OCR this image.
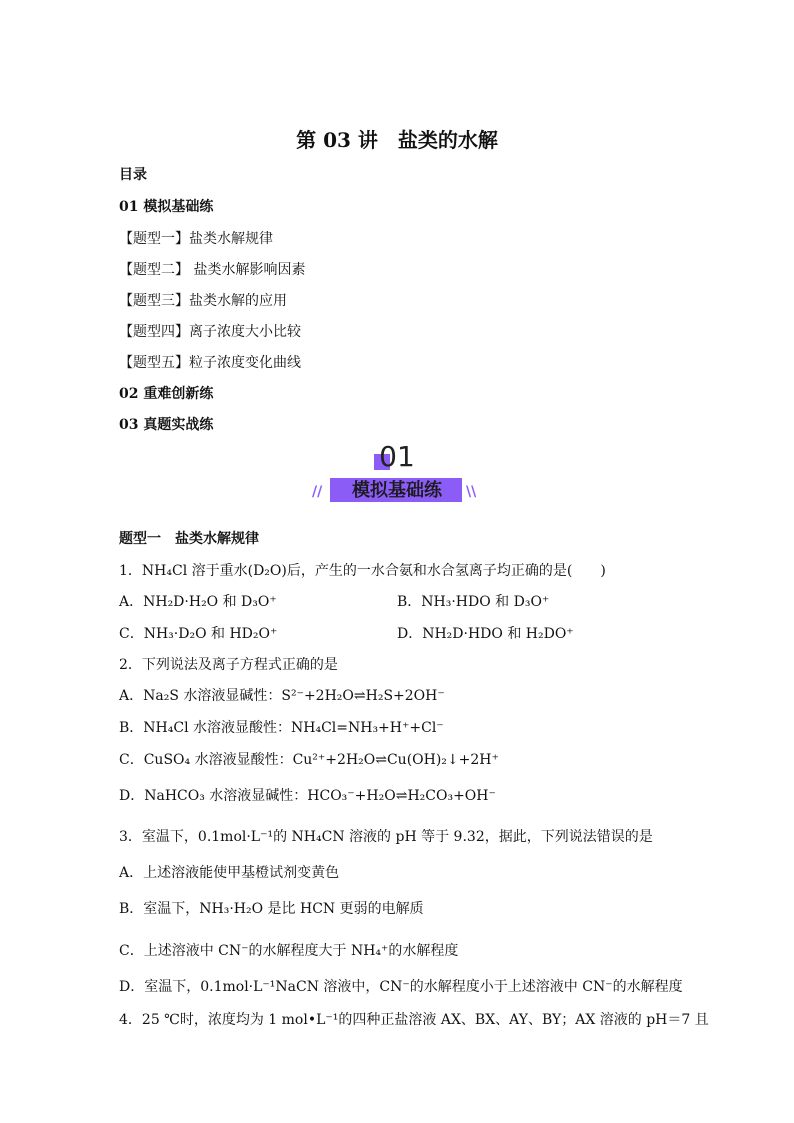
第 03 讲　盐类的水解
目录
01 模拟基础练
【题型一】盐类水解规律
【题型二】 盐类水解影响因素
【题型三】盐类水解的应用
【题型四】离子浓度大小比较
【题型五】粒子浓度变化曲线
02 重难创新练
03 真题实战练
01
模拟基础练
//	\\
题型一　盐类水解规律
1．NH₄Cl 溶于重水(D₂O)后，产生的一水合氨和水合氢离子均正确的是(　　)
A．NH₂D·H₂O 和 D₃O⁺	B．NH₃·HDO 和 D₃O⁺
C．NH₃·D₂O 和 HD₂O⁺	D．NH₂D·HDO 和 H₂DO⁺
2．下列说法及离子方程式正确的是
A．Na₂S 水溶液显碱性：S²⁻+2H₂O⇌H₂S+2OH⁻
B．NH₄Cl 水溶液显酸性：NH₄Cl=NH₃+H⁺+Cl⁻
C．CuSO₄ 水溶液显酸性：Cu²⁺+2H₂O⇌Cu(OH)₂↓+2H⁺
D．NaHCO₃ 水溶液显碱性：HCO₃⁻+H₂O⇌H₂CO₃+OH⁻
3．室温下，0.1mol·L⁻¹的 NH₄CN 溶液的 pH 等于 9.32，据此，下列说法错误的是
A．上述溶液能使甲基橙试剂变黄色
B．室温下，NH₃·H₂O 是比 HCN 更弱的电解质
C．上述溶液中 CN⁻的水解程度大于 NH₄⁺的水解程度
D．室温下，0.1mol·L⁻¹NaCN 溶液中，CN⁻的水解程度小于上述溶液中 CN⁻的水解程度
4．25 ℃时，浓度均为 1 mol•L⁻¹的四种正盐溶液 AX、BX、AY、BY；AX 溶液的 pH＝7 且
